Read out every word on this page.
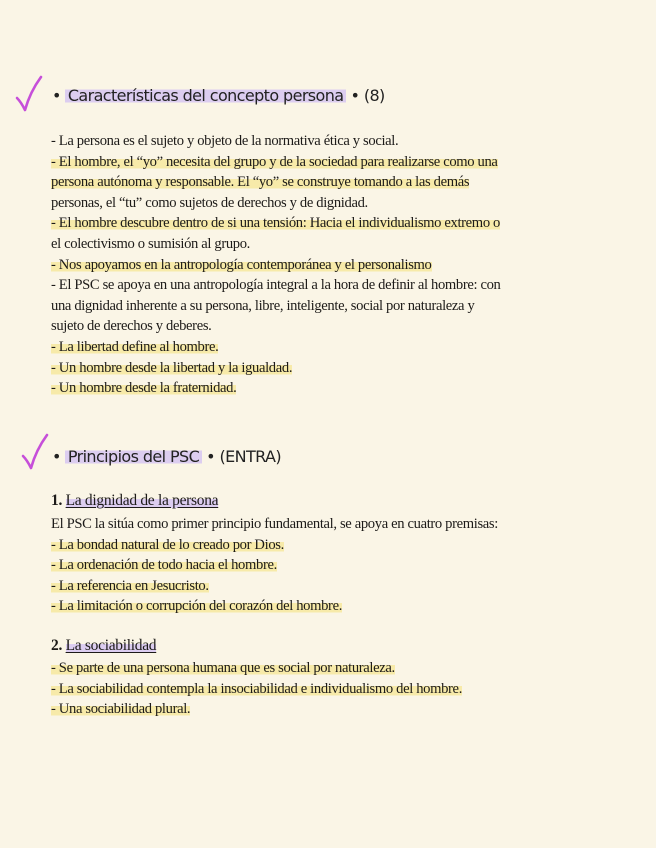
• Características del concepto persona • (8)
- La persona es el sujeto y objeto de la normativa ética y social.
- El hombre, el “yo” necesita del grupo y de la sociedad para realizarse como una
persona autónoma y responsable. El “yo” se construye tomando a las demás
personas, el “tu” como sujetos de derechos y de dignidad.
- El hombre descubre dentro de si una tensión: Hacia el individualismo extremo o
el colectivismo o sumisión al grupo.
- Nos apoyamos en la antropología contemporánea y el personalismo
- El PSC se apoya en una antropología integral a la hora de definir al hombre: con
una dignidad inherente a su persona, libre, inteligente, social por naturaleza y
sujeto de derechos y deberes.
- La libertad define al hombre.
- Un hombre desde la libertad y la igualdad.
- Un hombre desde la fraternidad.
• Principios del PSC • (ENTRA)
1. La dignidad de la persona
El PSC la sitúa como primer principio fundamental, se apoya en cuatro premisas:
- La bondad natural de lo creado por Dios.
- La ordenación de todo hacia el hombre.
- La referencia en Jesucristo.
- La limitación o corrupción del corazón del hombre.
2. La sociabilidad
- Se parte de una persona humana que es social por naturaleza.
- La sociabilidad contempla la insociabilidad e individualismo del hombre.
- Una sociabilidad plural.
